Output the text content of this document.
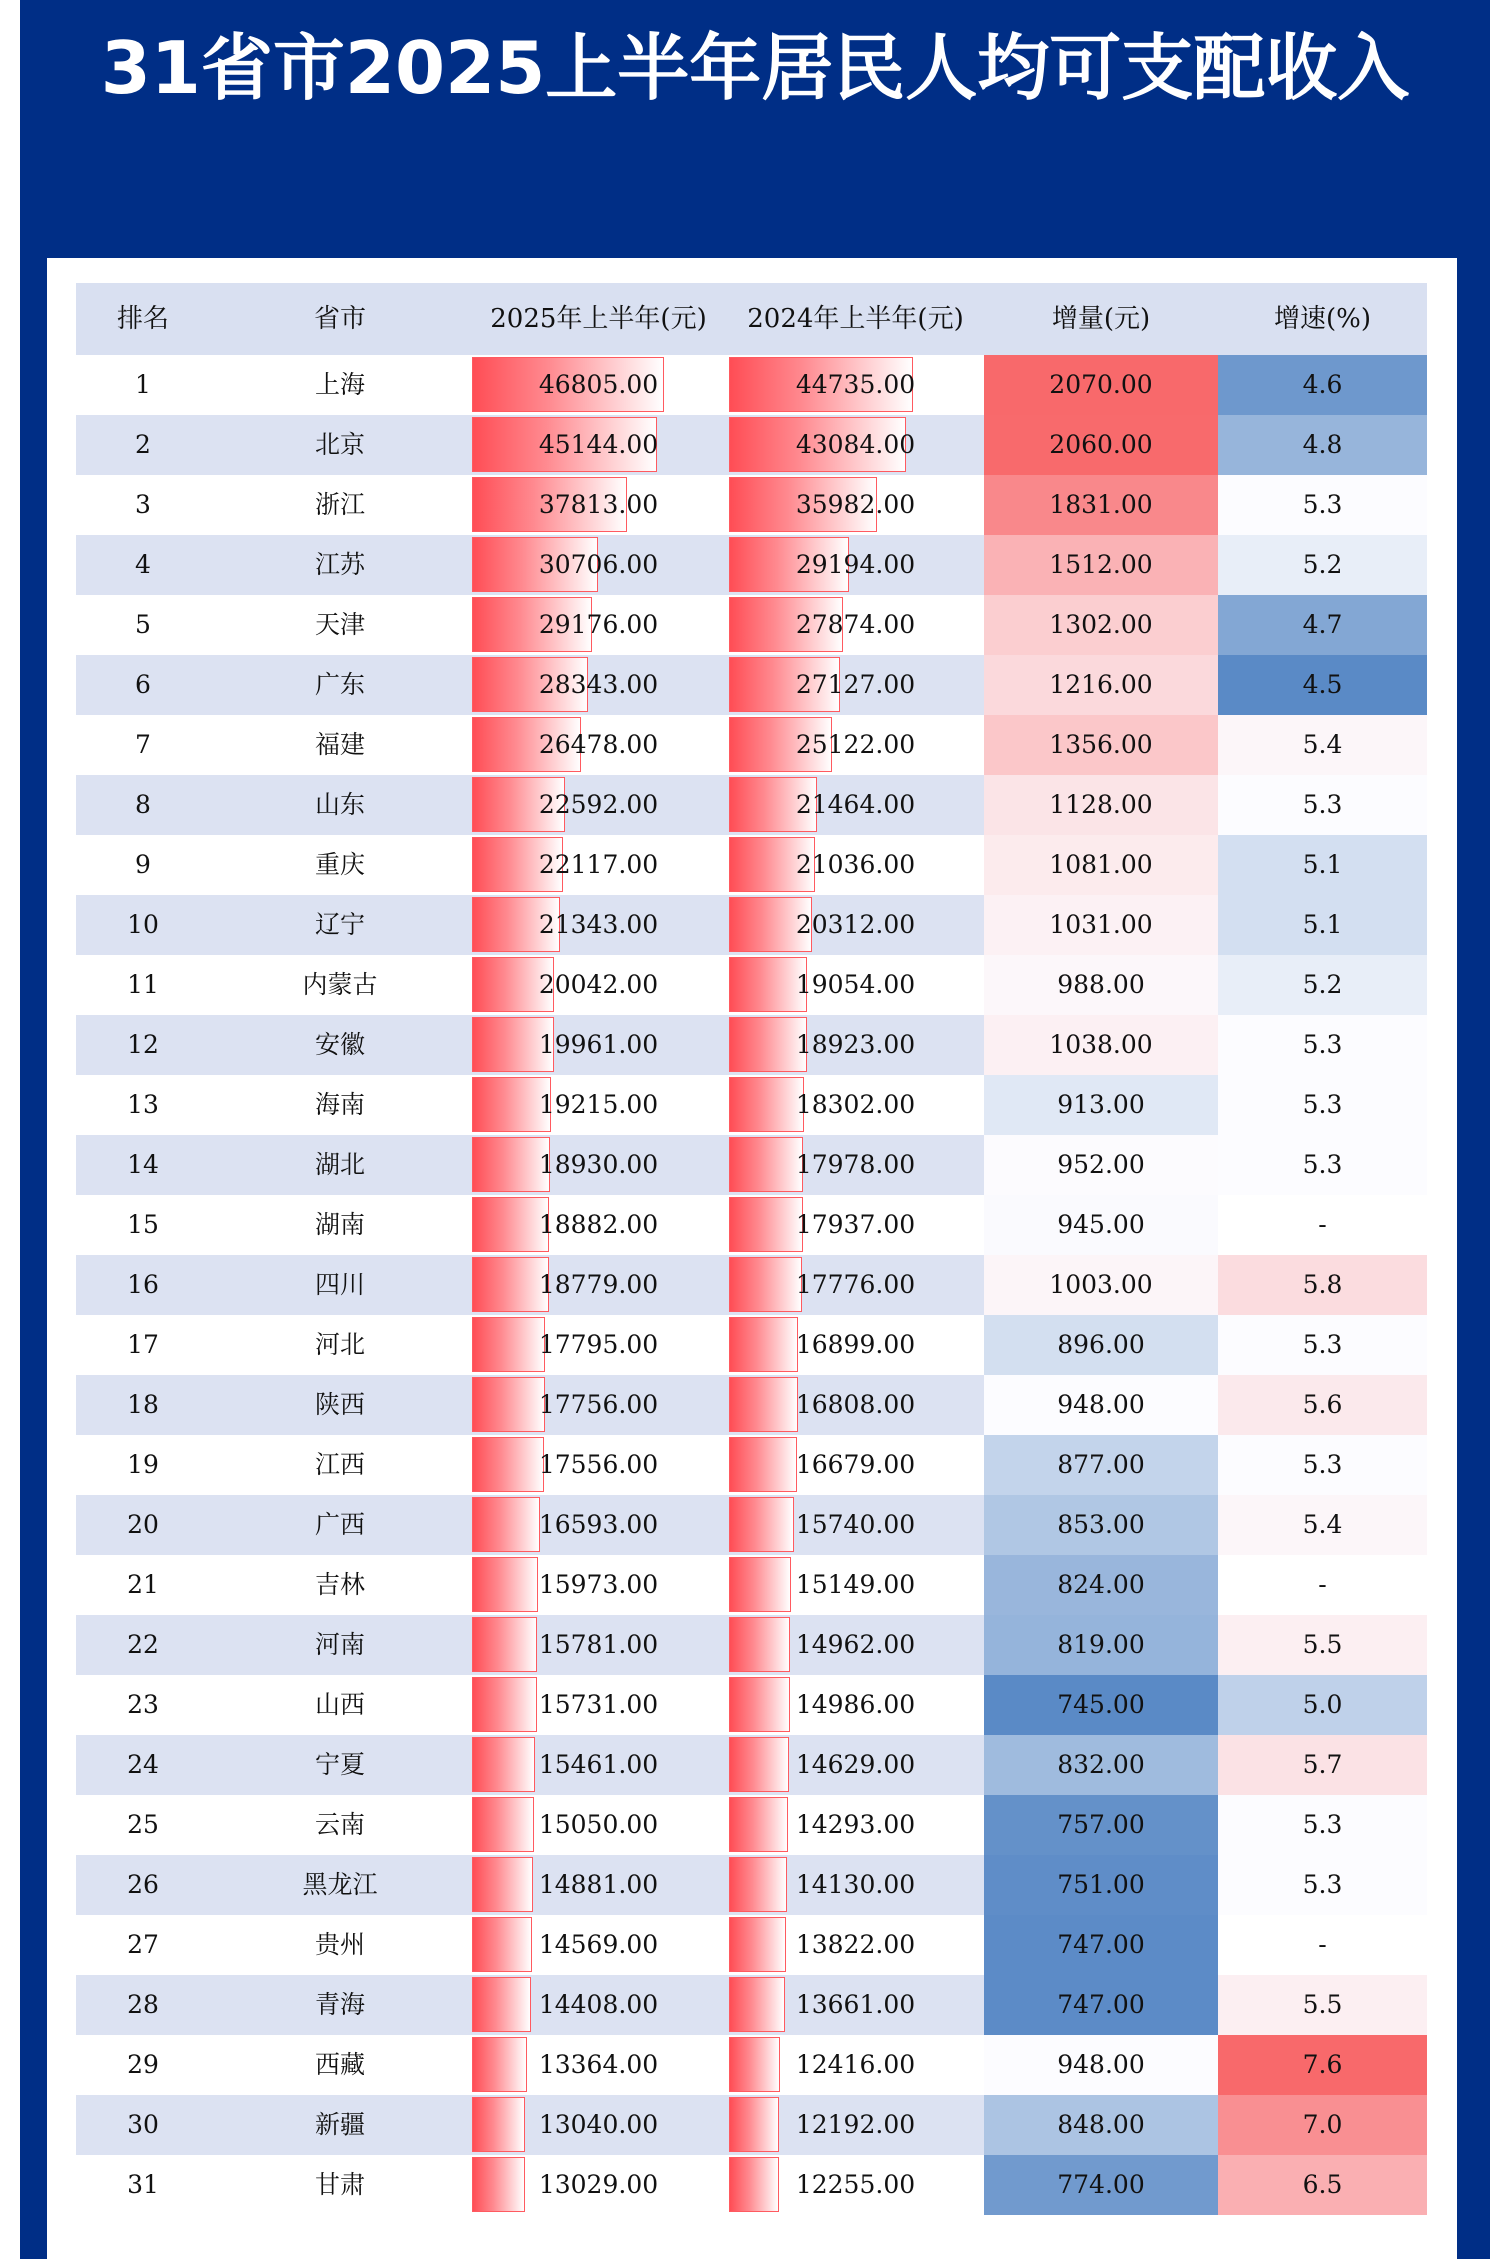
31省市2025上半年居民人均可支配收入
排名	省市	2025年上半年(元)	2024年上半年(元)	增量(元)	增速(%)
1	上海	46805.00	44735.00	2070.00	4.6
2	北京	45144.00	43084.00	2060.00	4.8
3	浙江	37813.00	35982.00	1831.00	5.3
4	江苏	30706.00	29194.00	1512.00	5.2
5	天津	29176.00	27874.00	1302.00	4.7
6	广东	28343.00	27127.00	1216.00	4.5
7	福建	26478.00	25122.00	1356.00	5.4
8	山东	22592.00	21464.00	1128.00	5.3
9	重庆	22117.00	21036.00	1081.00	5.1
10	辽宁	21343.00	20312.00	1031.00	5.1
11	内蒙古	20042.00	19054.00	988.00	5.2
12	安徽	19961.00	18923.00	1038.00	5.3
13	海南	19215.00	18302.00	913.00	5.3
14	湖北	18930.00	17978.00	952.00	5.3
15	湖南	18882.00	17937.00	945.00	-
16	四川	18779.00	17776.00	1003.00	5.8
17	河北	17795.00	16899.00	896.00	5.3
18	陕西	17756.00	16808.00	948.00	5.6
19	江西	17556.00	16679.00	877.00	5.3
20	广西	16593.00	15740.00	853.00	5.4
21	吉林	15973.00	15149.00	824.00	-
22	河南	15781.00	14962.00	819.00	5.5
23	山西	15731.00	14986.00	745.00	5.0
24	宁夏	15461.00	14629.00	832.00	5.7
25	云南	15050.00	14293.00	757.00	5.3
26	黑龙江	14881.00	14130.00	751.00	5.3
27	贵州	14569.00	13822.00	747.00	-
28	青海	14408.00	13661.00	747.00	5.5
29	西藏	13364.00	12416.00	948.00	7.6
30	新疆	13040.00	12192.00	848.00	7.0
31	甘肃	13029.00	12255.00	774.00	6.5
